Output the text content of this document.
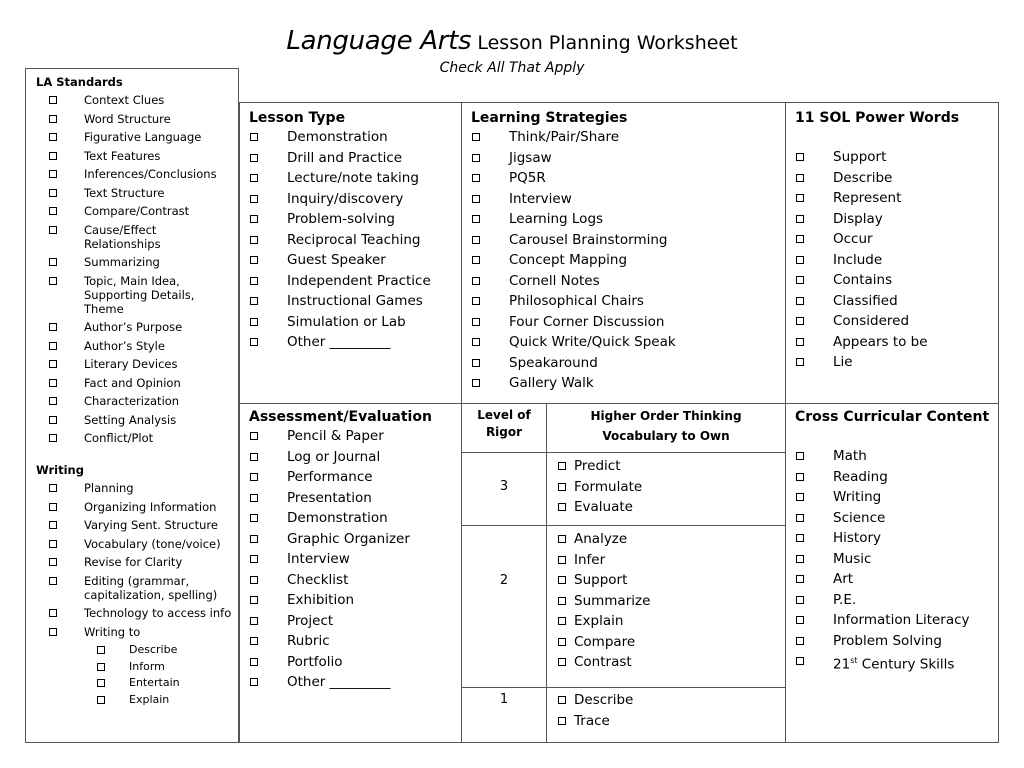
Language Arts Lesson Planning Worksheet
Check All That Apply
LA Standards
Context Clues
Word Structure
Figurative Language
Text Features
Inferences/Conclusions
Text Structure
Compare/Contrast
Cause/Effect Relationships
Summarizing
Topic, Main Idea, Supporting Details, Theme
Author’s Purpose
Author’s Style
Literary Devices
Fact and Opinion
Characterization
Setting Analysis
Conflict/Plot
Writing
Planning
Organizing Information
Varying Sent. Structure
Vocabulary (tone/voice)
Revise for Clarity
Editing (grammar, capitalization, spelling)
Technology to access info
Writing to
Describe
Inform
Entertain
Explain
Lesson Type
Demonstration
Drill and Practice
Lecture/note taking
Inquiry/discovery
Problem-solving
Reciprocal Teaching
Guest Speaker
Independent Practice
Instructional Games
Simulation or Lab
Other _________
Learning Strategies
Think/Pair/Share
Jigsaw
PQ5R
Interview
Learning Logs
Carousel Brainstorming
Concept Mapping
Cornell Notes
Philosophical Chairs
Four Corner Discussion
Quick Write/Quick Speak
Speakaround
Gallery Walk
11 SOL Power Words
Support
Describe
Represent
Display
Occur
Include
Contains
Classified
Considered
Appears to be
Lie
Assessment/Evaluation
Pencil & Paper
Log or Journal
Performance
Presentation
Demonstration
Graphic Organizer
Interview
Checklist
Exhibition
Project
Rubric
Portfolio
Other _________
Level of
Rigor
Higher Order Thinking
Vocabulary to Own
3
Predict
Formulate
Evaluate
2
Analyze
Infer
Support
Summarize
Explain
Compare
Contrast
1	Describe
Trace
Cross Curricular Content
Math
Reading
Writing
Science
History
Music
Art
P.E.
Information Literacy
Problem Solving
21st Century Skills
